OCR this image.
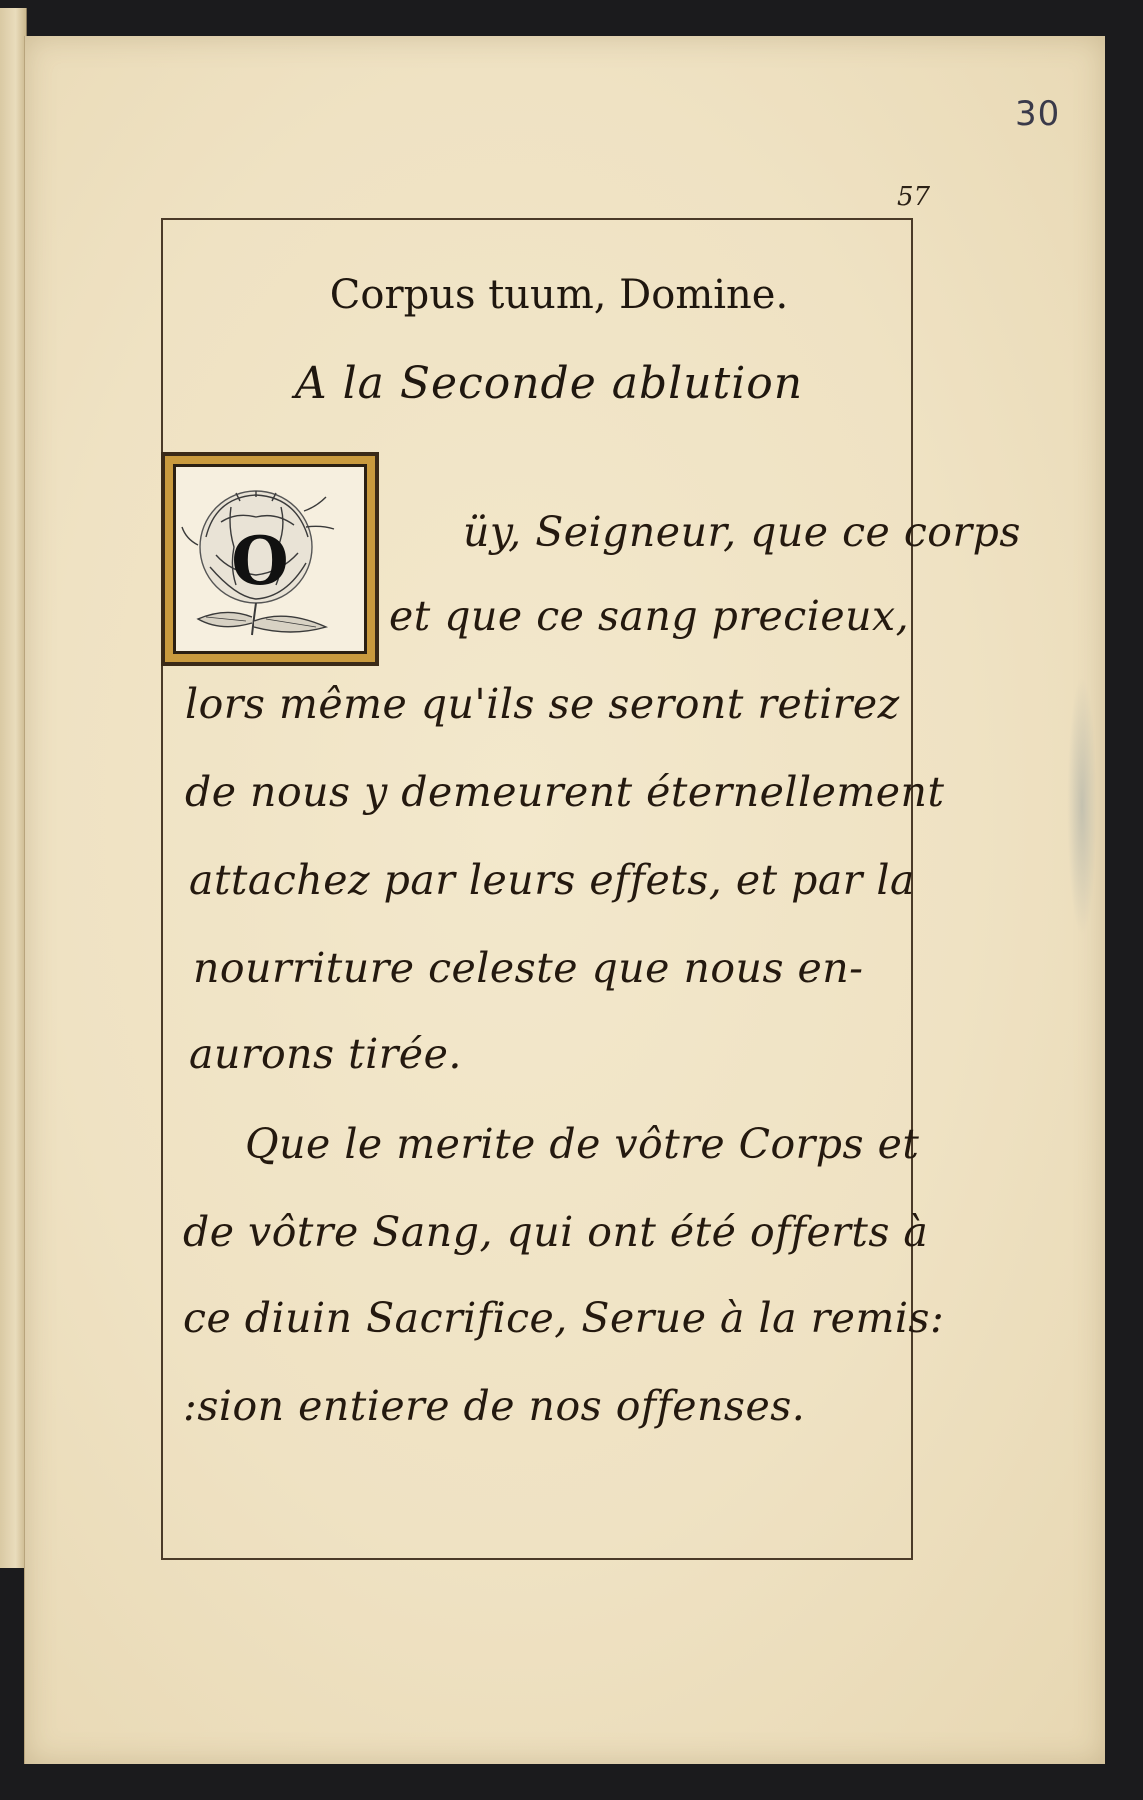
30
57
Corpus tuum, Domine.
A la Seconde ablution
O	üy, Seigneur, que ce corps
et que ce sang precieux,
lors même qu'ils se seront retirez
de nous y demeurent éternellement
attachez par leurs effets, et par la
nourriture celeste que nous en-
aurons tirée.
Que le merite de vôtre Corps et
de vôtre Sang, qui ont été offerts à
ce diuin Sacrifice, Serue à la remis:
:sion entiere de nos offenses.
